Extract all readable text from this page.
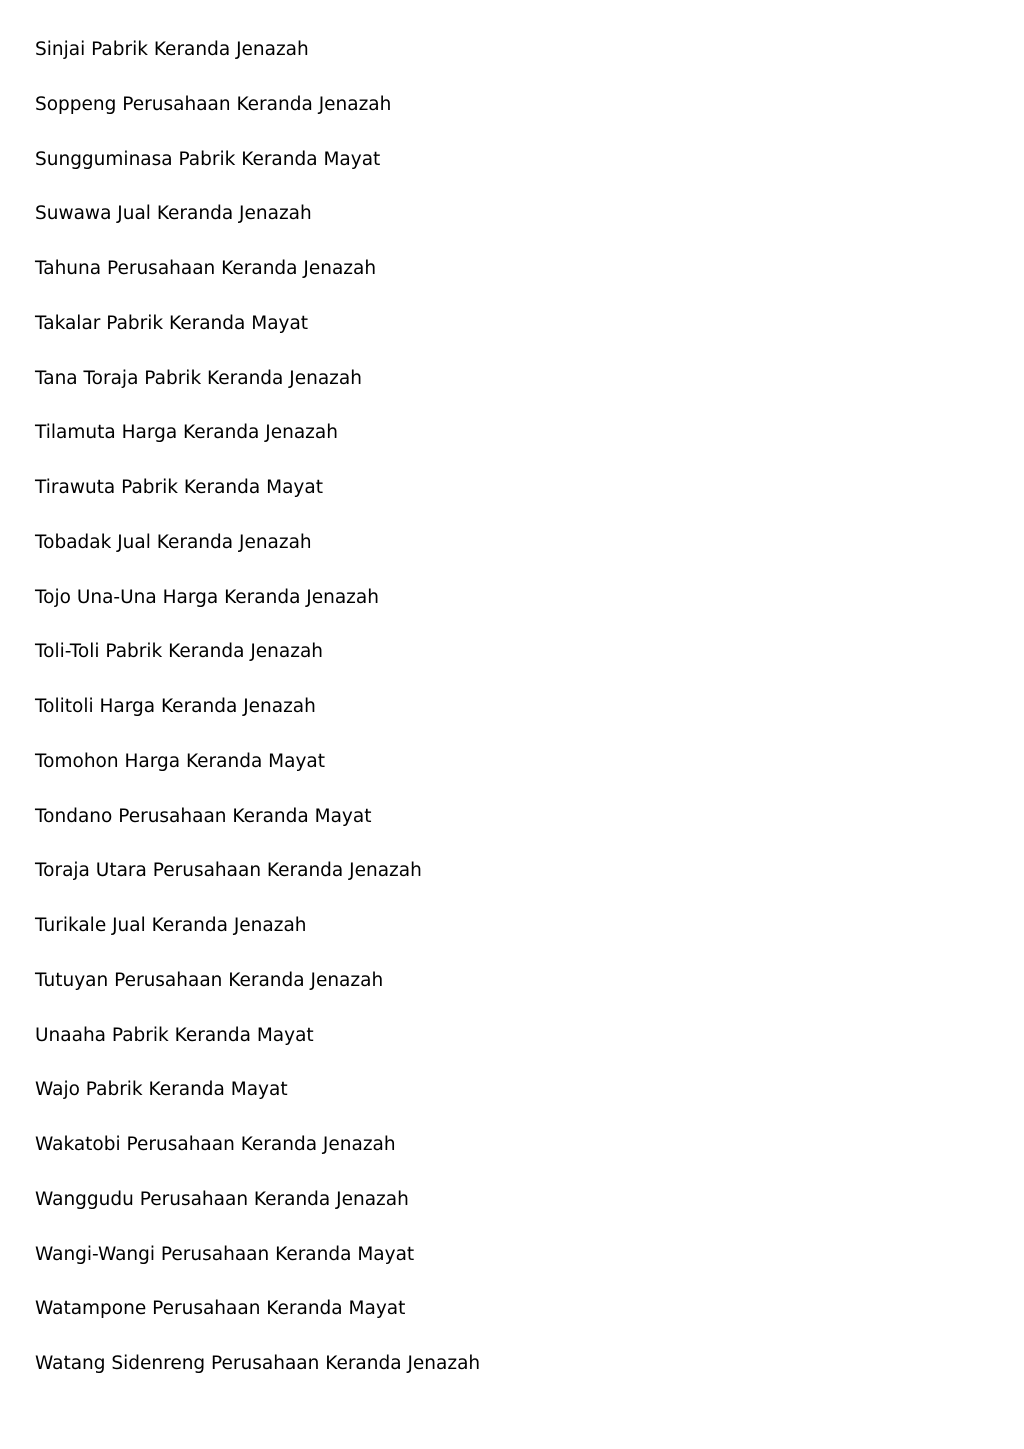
Sinjai Pabrik Keranda Jenazah
Soppeng Perusahaan Keranda Jenazah
Sungguminasa Pabrik Keranda Mayat
Suwawa Jual Keranda Jenazah
Tahuna Perusahaan Keranda Jenazah
Takalar Pabrik Keranda Mayat
Tana Toraja Pabrik Keranda Jenazah
Tilamuta Harga Keranda Jenazah
Tirawuta Pabrik Keranda Mayat
Tobadak Jual Keranda Jenazah
Tojo Una-Una Harga Keranda Jenazah
Toli-Toli Pabrik Keranda Jenazah
Tolitoli Harga Keranda Jenazah
Tomohon Harga Keranda Mayat
Tondano Perusahaan Keranda Mayat
Toraja Utara Perusahaan Keranda Jenazah
Turikale Jual Keranda Jenazah
Tutuyan Perusahaan Keranda Jenazah
Unaaha Pabrik Keranda Mayat
Wajo Pabrik Keranda Mayat
Wakatobi Perusahaan Keranda Jenazah
Wanggudu Perusahaan Keranda Jenazah
Wangi-Wangi Perusahaan Keranda Mayat
Watampone Perusahaan Keranda Mayat
Watang Sidenreng Perusahaan Keranda Jenazah
